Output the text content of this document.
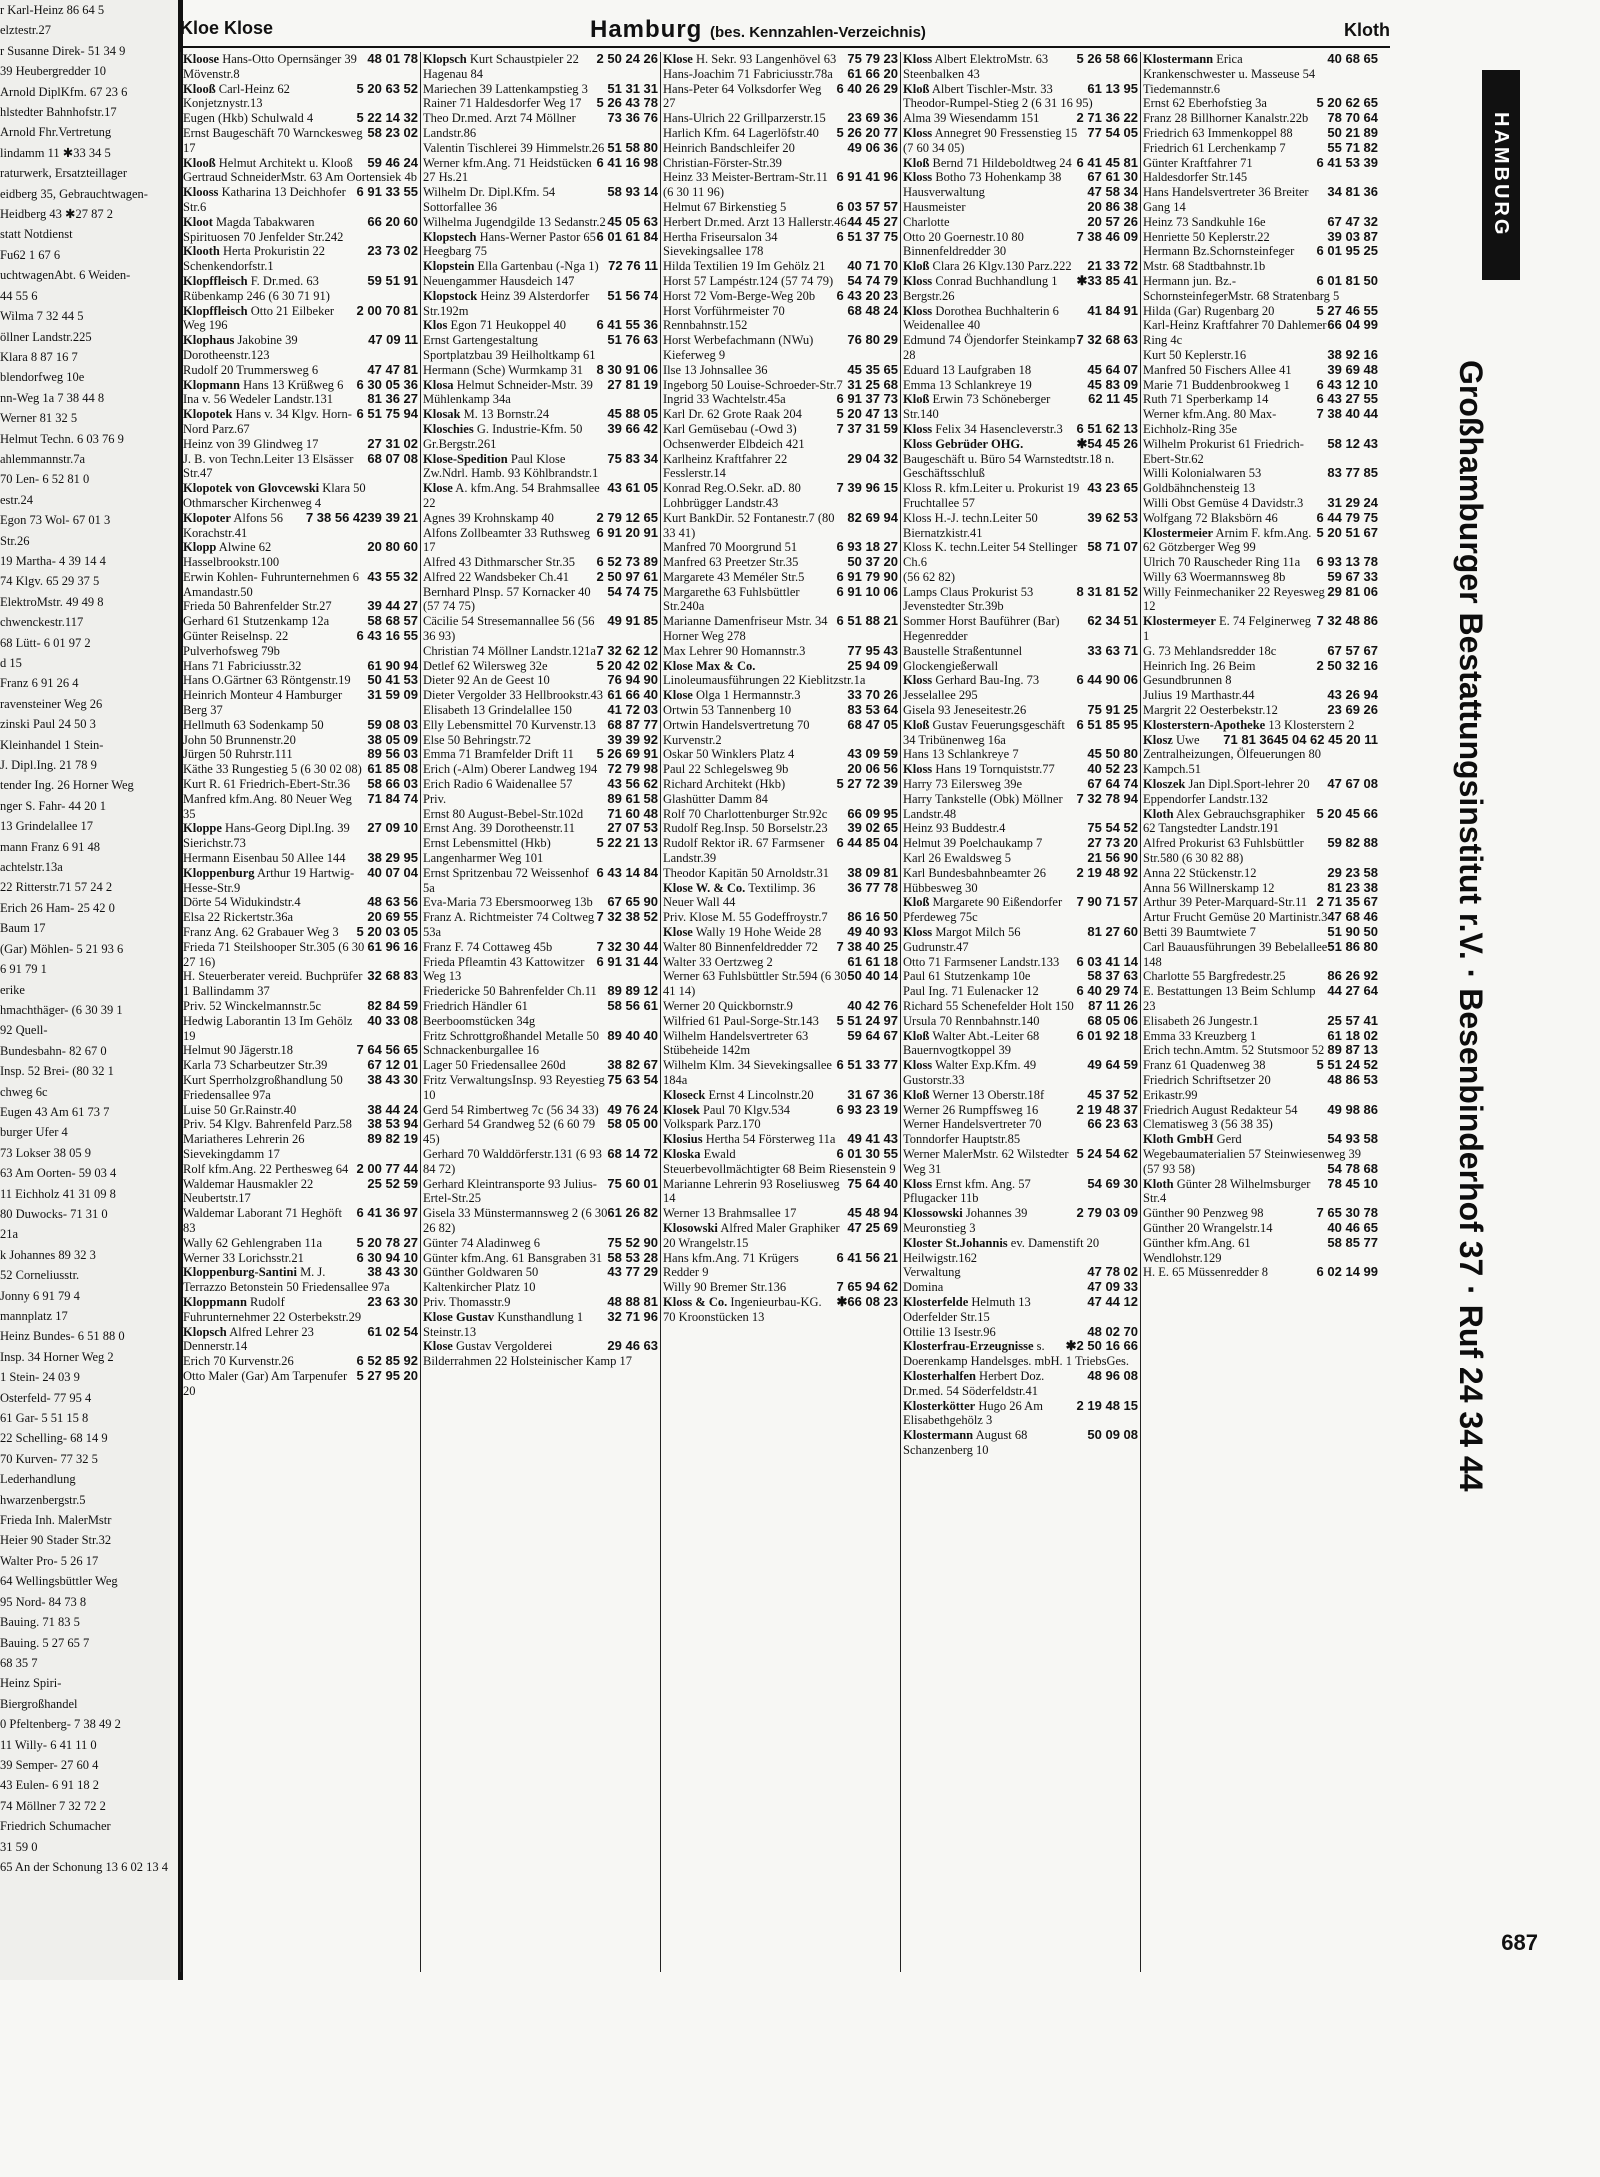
r Karl-Heinz 86 64 5
elztestr.27
r Susanne Direk- 51 34 9
39 Heubergredder 10
Arnold DiplKfm. 67 23 6
hlstedter Bahnhofstr.17
Arnold Fhr.Vertretung
lindamm 11 ✱33 34 5
raturwerk, Ersatzteillager
eidberg 35, Gebrauchtwagen-
Heidberg 43 ✱27 87 2
statt Notdienst
Fu62 1 67 6
uchtwagenAbt. 6 Weiden-
44 55 6
Wilma 7 32 44 5
öllner Landstr.225
Klara 8 87 16 7
blendorfweg 10e
nn-Weg 1a 7 38 44 8
Werner 81 32 5
Helmut Techn. 6 03 76 9
ahlemmannstr.7a
70 Len- 6 52 81 0
estr.24
Egon 73 Wol- 67 01 3
Str.26
19 Martha- 4 39 14 4
74 Klgv. 65 29 37 5
ElektroMstr. 49 49 8
chwenckestr.117
68 Lütt- 6 01 97 2
d 15
Franz 6 91 26 4
ravensteiner Weg 26
zinski Paul 24 50 3
Kleinhandel 1 Stein-
J. Dipl.Ing. 21 78 9
tender Ing. 26 Horner Weg
nger S. Fahr- 44 20 1
13 Grindelallee 17
mann Franz 6 91 48
achtelstr.13a
22 Ritterstr.71 57 24 2
Erich 26 Ham- 25 42 0
Baum 17
(Gar) Möhlen- 5 21 93 6
6 91 79 1
erike
hmachthäger- (6 30 39 1
92 Quell-
Bundesbahn- 82 67 0
Insp. 52 Brei- (80 32 1
chweg 6c
Eugen 43 Am 61 73 7
burger Ufer 4
73 Lokser 38 05 9
63 Am Oorten- 59 03 4
11 Eichholz 41 31 09 8
80 Duwocks- 71 31 0
21a
k Johannes 89 32 3
52 Corneliusstr.
Jonny 6 91 79 4
mannplatz 17
Heinz Bundes- 6 51 88 0
Insp. 34 Horner Weg 2
1 Stein- 24 03 9
Osterfeld- 77 95 4
61 Gar- 5 51 15 8
22 Schelling- 68 14 9
70 Kurven- 77 32 5
Lederhandlung
hwarzenbergstr.5
Frieda Inh. MalerMstr
Heier 90 Stader Str.32
Walter Pro- 5 26 17
64 Wellingsbüttler Weg
95 Nord- 84 73 8
Bauing. 71 83 5
Bauing. 5 27 65 7
68 35 7
Heinz Spiri-
Biergroßhandel
0 Pfeltenberg- 7 38 49 2
11 Willy- 6 41 11 0
39 Semper- 27 60 4
43 Eulen- 6 91 18 2
74 Möllner 7 32 72 2
Friedrich Schumacher
31 59 0
65 An der Schonung 13 6 02 13 4
Kloe Klose	Hamburg (bes. Kennzahlen-Verzeichnis)	Kloth

48 01 78
Kloose Hans-Otto Opernsänger 39 Mövenstr.8

5 20 63 52
Klooß Carl-Heinz 62 Konjetznystr.13

5 22 14 32
Eugen (Hkb) Schulwald 4

58 23 02
Ernst Baugeschäft 70 Warnckesweg 17

59 46 24
Klooß Helmut Architekt u. Klooß Gertraud SchneiderMstr. 63 Am Oortensiek 4b

6 91 33 55
Klooss Katharina 13 Deichhofer Str.6

66 20 60
Kloot Magda Tabakwaren Spirituosen 70 Jenfelder Str.242

23 73 02
Klooth Herta Prokuristin 22 Schenkendorfstr.1

59 51 91
Klopffleisch F. Dr.med. 63 Rübenkamp 246 (6 30 71 91)

2 00 70 81
Klopffleisch Otto 21 Eilbeker Weg 196

47 09 11
Klophaus Jakobine 39 Dorotheenstr.123

47 47 81
Rudolf 20 Trummersweg 6

6 30 05 36
Klopmann Hans 13 Krüßweg 6

81 36 27
Ina v. 56 Wedeler Landstr.131

6 51 75 94
Klopotek Hans v. 34 Klgv. Horn-Nord Parz.67

27 31 02
Heinz von 39 Glindweg 17

68 07 08
J. B. von Techn.Leiter 13 Elsässer Str.47

Klopotek von Glovcewski Klara 50 Othmarscher Kirchenweg 4

39 39 21

7 38 56 42
Klopoter Alfons 56 Korachstr.41

20 80 60
Klopp Alwine 62 Hasselbrookstr.100

43 55 32
Erwin Kohlen- Fuhrunternehmen 6 Amandastr.50

39 44 27
Frieda 50 Bahrenfelder Str.27

58 68 57
Gerhard 61 Stutzenkamp 12a

6 43 16 55
Günter Reiselnsp. 22 Pulverhofsweg 79b

61 90 94
Hans 71 Fabriciusstr.32

50 41 53
Hans O.Gärtner 63 Röntgenstr.19

31 59 09
Heinrich Monteur 4 Hamburger Berg 37

59 08 03
Hellmuth 63 Sodenkamp 50

38 05 09
John 50 Brunnenstr.20

89 56 03
Jürgen 50 Ruhrstr.111

61 85 08
Käthe 33 Rungestieg 5 (6 30 02 08)

58 66 03
Kurt R. 61 Friedrich-Ebert-Str.36

71 84 74
Manfred kfm.Ang. 80 Neuer Weg 35

27 09 10
Kloppe Hans-Georg Dipl.Ing. 39 Sierichstr.73

38 29 95
Hermann Eisenbau 50 Allee 144

40 07 04
Kloppenburg Arthur 19 Hartwig-Hesse-Str.9

48 63 56
Dörte 54 Widukindstr.4

20 69 55
Elsa 22 Rickertstr.36a

5 20 03 05
Franz Ang. 62 Grabauer Weg 3

61 96 16
Frieda 71 Steilshooper Str.305 (6 30 27 16)

32 68 83
H. Steuerberater vereid. Buchprüfer 1 Ballindamm 37

82 84 59
Priv. 52 Winckelmannstr.5c

40 33 08
Hedwig Laborantin 13 Im Gehölz 19

7 64 56 65
Helmut 90 Jägerstr.18

67 12 01
Karla 73 Scharbeutzer Str.39

38 43 30
Kurt Sperrholzgroßhandlung 50 Friedensallee 97a

38 44 24
Luise 50 Gr.Rainstr.40

38 53 94
Priv. 54 Klgv. Bahrenfeld Parz.58

89 82 19
Mariatheres Lehrerin 26 Sievekingdamm 17

2 00 77 44
Rolf kfm.Ang. 22 Perthesweg 64

25 52 59
Waldemar Hausmakler 22 Neubertstr.17

6 41 36 97
Waldemar Laborant 71 Heghöft 83

5 20 78 27
Wally 62 Gehlengraben 11a

6 30 94 10
Werner 33 Lorichsstr.21

38 43 30
Kloppenburg-Santini M. J. Terrazzo Betonstein 50 Friedensallee 97a

23 63 30
Kloppmann Rudolf Fuhrunternehmer 22 Osterbekstr.29

61 02 54
Klopsch Alfred Lehrer 23 Dennerstr.14

6 52 85 92
Erich 70 Kurvenstr.26

5 27 95 20
Otto Maler (Gar) Am Tarpenufer 20

2 50 24 26
Klopsch Kurt Schaustpieler 22 Hagenau 84

51 31 31
Mariechen 39 Lattenkampstieg 3

5 26 43 78
Rainer 71 Haldesdorfer Weg 17

73 36 76
Theo Dr.med. Arzt 74 Möllner Landstr.86

51 58 80
Valentin Tischlerei 39 Himmelstr.26

6 41 16 98
Werner kfm.Ang. 71 Heidstücken 27 Hs.21

58 93 14
Wilhelm Dr. Dipl.Kfm. 54 Sottorfallee 36

45 05 63
Wilhelma Jugendgilde 13 Sedanstr.2

6 01 61 84
Klopstech Hans-Werner Pastor 65 Heegbarg 75

72 76 11
Klopstein Ella Gartenbau (-Nga 1) Neuengammer Hausdeich 147

51 56 74
Klopstock Heinz 39 Alsterdorfer Str.192m

6 41 55 36
Klos Egon 71 Heukoppel 40

51 76 63
Ernst Gartengestaltung Sportplatzbau 39 Heilholtkamp 61

8 30 91 06
Hermann (Sche) Wurmkamp 31

27 81 19
Klosa Helmut Schneider-Mstr. 39 Mühlenkamp 34a

45 88 05
Klosak M. 13 Bornstr.24

39 66 42
Kloschies G. Industrie-Kfm. 50 Gr.Bergstr.261

75 83 34
Klose-Spedition Paul Klose Zw.Ndrl. Hamb. 93 Köhlbrandstr.1

43 61 05
Klose A. kfm.Ang. 54 Brahmsallee 22

2 79 12 65
Agnes 39 Krohnskamp 40

6 91 20 91
Alfons Zollbeamter 33 Ruthsweg 17

6 52 73 89
Alfred 43 Dithmarscher Str.35

2 50 97 61
Alfred 22 Wandsbeker Ch.41

54 74 75
Bernhard Plnsp. 57 Kornacker 40 (57 74 75)

49 91 85
Cäcilie 54 Stresemannallee 56 (56 36 93)

7 32 62 12
Christian 74 Möllner Landstr.121a

5 20 42 02
Detlef 62 Wilersweg 32e

76 94 90
Dieter 92 An de Geest 10

61 66 40
Dieter Vergolder 33 Hellbrookstr.43

41 72 03
Elisabeth 13 Grindelallee 150

68 87 77
Elly Lebensmittel 70 Kurvenstr.13

39 39 92
Else 50 Behringstr.72

5 26 69 91
Emma 71 Bramfelder Drift 11

72 79 98
Erich (-Alm) Oberer Landweg 194

43 56 62
Erich Radio 6 Waidenallee 57

89 61 58
Priv.

71 60 48
Ernst 80 August-Bebel-Str.102d

27 07 53
Ernst Ang. 39 Dorotheenstr.11

5 22 21 13
Ernst Lebensmittel (Hkb) Langenharmer Weg 101

6 43 14 84
Ernst Spritzenbau 72 Weissenhof 5a

67 65 90
Eva-Maria 73 Ebersmoorweg 13b

7 32 38 52
Franz A. Richtmeister 74 Coltweg 53a

7 32 30 44
Franz F. 74 Cottaweg 45b

6 91 31 44
Frieda Pfleamtin 43 Kattowitzer Weg 13

89 89 12
Friedericke 50 Bahrenfelder Ch.11

58 56 61
Friedrich Händler 61 Beerboomstücken 34g

89 40 40
Fritz Schrottgroßhandel Metalle 50 Schnackenburgallee 16

38 82 67
Lager 50 Friedensallee 260d

75 63 54
Fritz VerwaltungsInsp. 93 Reyestieg 10

49 76 24
Gerd 54 Rimbertweg 7c (56 34 33)

58 05 00
Gerhard 54 Grandweg 52 (6 60 79 45)

68 14 72
Gerhard 70 Walddörferstr.131 (6 93 84 72)

75 60 01
Gerhard Kleintransporte 93 Julius-Ertel-Str.25

61 26 82
Gisela 33 Münstermannsweg 2 (6 30 26 82)

75 52 90
Günter 74 Aladinweg 6

58 53 28
Günter kfm.Ang. 61 Bansgraben 31

43 77 29
Günther Goldwaren 50 Kaltenkircher Platz 10

48 88 81
Priv. Thomasstr.9

32 71 96
Klose Gustav Kunsthandlung 1 Steinstr.13

29 46 63
Klose Gustav Vergolderei Bilderrahmen 22 Holsteinischer Kamp 17

75 79 23
Klose H. Sekr. 93 Langenhövel 63

61 66 20
Hans-Joachim 71 Fabriciusstr.78a

6 40 26 29
Hans-Peter 64 Volksdorfer Weg 27

23 69 36
Hans-Ulrich 22 Grillparzerstr.15

5 26 20 77
Harlich Kfm. 64 Lagerlöfstr.40

49 06 36
Heinrich Bandschleifer 20 Christian-Förster-Str.39

6 91 41 96
Heinz 33 Meister-Bertram-Str.11 (6 30 11 96)

6 03 57 57
Helmut 67 Birkenstieg 5

44 45 27
Herbert Dr.med. Arzt 13 Hallerstr.46

6 51 37 75
Hertha Friseursalon 34 Sievekingsallee 178

40 71 70
Hilda Textilien 19 Im Gehölz 21

54 74 79
Horst 57 Lampéstr.124 (57 74 79)

6 43 20 23
Horst 72 Vom-Berge-Weg 20b

68 48 24
Horst Vorführmeister 70 Rennbahnstr.152

76 80 29
Horst Werbefachmann (NWu) Kieferweg 9

45 35 65
Ilse 13 Johnsallee 36

31 25 68
Ingeborg 50 Louise-Schroeder-Str.7

6 91 37 73
Ingrid 33 Wachtelstr.45a

5 20 47 13
Karl Dr. 62 Grote Raak 204

7 37 31 59
Karl Gemüsebau (-Owd 3) Ochsenwerder Elbdeich 421

29 04 32
Karlheinz Kraftfahrer 22 Fesslerstr.14

7 39 96 15
Konrad Reg.O.Sekr. aD. 80 Lohbrügger Landstr.43

82 69 94
Kurt BankDir. 52 Fontanestr.7 (80 33 41)

6 93 18 27
Manfred 70 Moorgrund 51

50 37 20
Manfred 63 Preetzer Str.35

6 91 79 90
Margarete 43 Meméler Str.5

6 91 10 06
Margarethe 63 Fuhlsbüttler Str.240a

6 51 88 21
Marianne Damenfriseur Mstr. 34 Horner Weg 278

77 95 43
Max Lehrer 90 Homannstr.3

25 94 09
Klose Max & Co. Linoleumausführungen 22 Kieblitzstr.1a

33 70 26
Klose Olga 1 Hermannstr.3

83 53 64
Ortwin 53 Tannenberg 10

68 47 05
Ortwin Handelsvertretung 70 Kurvenstr.2

43 09 59
Oskar 50 Winklers Platz 4

20 06 56
Paul 22 Schlegelsweg 9b

5 27 72 39
Richard Architekt (Hkb) Glashütter Damm 84

66 09 95
Rolf 70 Charlottenburger Str.92c

39 02 65
Rudolf Reg.Insp. 50 Borselstr.23

6 44 85 04
Rudolf Rektor iR. 67 Farmsener Landstr.39

38 09 81
Theodor Kapitän 50 Arnoldstr.31

36 77 78
Klose W. & Co. Textilimp. 36 Neuer Wall 44

86 16 50
Priv. Klose M. 55 Godeffroystr.7

49 40 93
Klose Wally 19 Hohe Weide 28

7 38 40 25
Walter 80 Binnenfeldredder 72

61 61 18
Walter 33 Oertzweg 2

50 40 14
Werner 63 Fuhlsbüttler Str.594 (6 30 41 14)

40 42 76
Werner 20 Quickbornstr.9

5 51 24 97
Wilfried 61 Paul-Sorge-Str.143

59 64 67
Wilhelm Handelsvertreter 63 Stübeheide 142m

6 51 33 77
Wilhelm Klm. 34 Sievekingsallee 184a

31 67 36
Kloseck Ernst 4 Lincolnstr.20

6 93 23 19
Klosek Paul 70 Klgv.534 Volkspark Parz.170

49 41 43
Klosius Hertha 54 Försterweg 11a

6 01 30 55
Kloska Ewald Steuerbevollmächtigter 68 Beim Riesenstein 9

75 64 40
Marianne Lehrerin 93 Roseliusweg 14

45 48 94
Werner 13 Brahmsallee 17

47 25 69
Klosowski Alfred Maler Graphiker 20 Wrangelstr.15

6 41 56 21
Hans kfm.Ang. 71 Krügers Redder 9

7 65 94 62
Willy 90 Bremer Str.136

✱66 08 23
Kloss & Co. Ingenieurbau-KG. 70 Kroonstücken 13

5 26 58 66
Kloss Albert ElektroMstr. 63 Steenbalken 43

61 13 95
Kloß Albert Tischler-Mstr. 33 Theodor-Rumpel-Stieg 2 (6 31 16 95)

2 71 36 22
Alma 39 Wiesendamm 151

77 54 05
Kloss Annegret 90 Fressenstieg 15 (7 60 34 05)

6 41 45 81
Kloß Bernd 71 Hildeboldtweg 24

67 61 30
Kloss Botho 73 Hohenkamp 38

47 58 34
Hausverwaltung

20 86 38
Hausmeister

20 57 26
Charlotte

7 38 46 09
Otto 20 Goernestr.10 80 Binnenfeldredder 30

21 33 72
Kloß Clara 26 Klgv.130 Parz.222

✱33 85 41
Kloss Conrad Buchhandlung 1 Bergstr.26

41 84 91
Kloss Dorothea Buchhalterin 6 Weidenallee 40

7 32 68 63
Edmund 74 Öjendorfer Steinkamp 28

45 64 07
Eduard 13 Laufgraben 18

45 83 09
Emma 13 Schlankreye 19

62 11 45
Kloß Erwin 73 Schöneberger Str.140

6 51 62 13
Kloss Felix 34 Hasencleverstr.3

✱54 45 26
Kloss Gebrüder OHG. Baugeschäft u. Büro 54 Warnstedtstr.18 n. Geschäftsschluß

43 23 65
Kloss R. kfm.Leiter u. Prokurist 19 Fruchtallee 57

39 62 53
Kloss H.-J. techn.Leiter 50 Biernatzkistr.41

58 71 07
Kloss K. techn.Leiter 54 Stellinger Ch.6

(56 62 82)

8 31 81 52
Lamps Claus Prokurist 53 Jevenstedter Str.39b

62 34 51
Sommer Horst Bauführer (Bar) Hegenredder

33 63 71
Baustelle Straßentunnel Glockengießerwall

6 44 90 06
Kloss Gerhard Bau-Ing. 73 Jesselallee 295

75 91 25
Gisela 93 Jeneseitestr.26

6 51 85 95
Kloß Gustav Feuerungsgeschäft 34 Tribünenweg 16a

45 50 80
Hans 13 Schlankreye 7

40 52 23
Kloss Hans 19 Tornquiststr.77

67 64 74
Harry 73 Eilersweg 39e

7 32 78 94
Harry Tankstelle (Obk) Möllner Landstr.48

75 54 52
Heinz 93 Buddestr.4

27 73 20
Helmut 39 Poelchaukamp 7

21 56 90
Karl 26 Ewaldsweg 5

2 19 48 92
Karl Bundesbahnbeamter 26 Hübbesweg 30

7 90 71 57
Kloß Margarete 90 Eißendorfer Pferdeweg 75c

81 27 60
Kloss Margot Milch 56 Gudrunstr.47

6 03 41 14
Otto 71 Farmsener Landstr.133

58 37 63
Paul 61 Stutzenkamp 10e

6 40 29 74
Paul Ing. 71 Eulenacker 12

87 11 26
Richard 55 Schenefelder Holt 150

68 05 06
Ursula 70 Rennbahnstr.140

6 01 92 18
Kloß Walter Abt.-Leiter 68 Bauernvogtkoppel 39

49 64 59
Kloss Walter Exp.Kfm. 49 Gustorstr.33

45 37 52
Kloß Werner 13 Oberstr.18f

2 19 48 37
Werner 26 Rumpffsweg 16

66 23 63
Werner Handelsvertreter 70 Tonndorfer Hauptstr.85

5 24 54 62
Werner MalerMstr. 62 Wilstedter Weg 31

54 69 30
Kloss Ernst kfm. Ang. 57 Pflugacker 11b

2 79 03 09
Klossowski Johannes 39 Meuronstieg 3

Kloster St.Johannis ev. Damenstift 20 Heilwigstr.162

47 78 02
Verwaltung

47 09 33
Domina

47 44 12
Klosterfelde Helmuth 13 Oderfelder Str.15

48 02 70
Ottilie 13 Isestr.96

✱2 50 16 66
Klosterfrau-Erzeugnisse s. Doerenkamp Handelsges. mbH. 1 TriebsGes.

48 96 08
Klosterhalfen Herbert Doz. Dr.med. 54 Söderfeldstr.41

2 19 48 15
Klosterkötter Hugo 26 Am Elisabethgehölz 3

50 09 08
Klostermann August 68 Schanzenberg 10

40 68 65
Klostermann Erica Krankenschwester u. Masseuse 54 Tiedemannstr.6

5 20 62 65
Ernst 62 Eberhofstieg 3a

78 70 64
Franz 28 Billhorner Kanalstr.22b

50 21 89
Friedrich 63 Immenkoppel 88

55 71 82
Friedrich 61 Lerchenkamp 7

6 41 53 39
Günter Kraftfahrer 71 Haldesdorfer Str.145

34 81 36
Hans Handelsvertreter 36 Breiter Gang 14

67 47 32
Heinz 73 Sandkuhle 16e

39 03 87
Henriette 50 Keplerstr.22

6 01 95 25
Hermann Bz.Schornsteinfeger Mstr. 68 Stadtbahnstr.1b

6 01 81 50
Hermann jun. Bz.-SchornsteinfegerMstr. 68 Stratenbarg 5

5 27 46 55
Hilda (Gar) Rugenbarg 20

66 04 99
Karl-Heinz Kraftfahrer 70 Dahlemer Ring 4c

38 92 16
Kurt 50 Keplerstr.16

39 69 48
Manfred 50 Fischers Allee 41

6 43 12 10
Marie 71 Buddenbrookweg 1

6 43 27 55
Ruth 71 Sperberkamp 14

7 38 40 44
Werner kfm.Ang. 80 Max-Eichholz-Ring 35e

58 12 43
Wilhelm Prokurist 61 Friedrich-Ebert-Str.62

83 77 85
Willi Kolonialwaren 53 Goldbähnchensteig 13

31 29 24
Willi Obst Gemüse 4 Davidstr.3

6 44 79 75
Wolfgang 72 Blaksbörn 46

5 20 51 67
Klostermeier Arnim F. kfm.Ang. 62 Götzberger Weg 99

6 93 13 78
Ulrich 70 Rauscheder Ring 11a

59 67 33
Willy 63 Woermannsweg 8b

29 81 06
Willy Feinmechaniker 22 Reyesweg 12

7 32 48 86
Klostermeyer E. 74 Felginerweg 1

67 57 67
G. 73 Mehlandsredder 18c

2 50 32 16
Heinrich Ing. 26 Beim Gesundbrunnen 8

43 26 94
Julius 19 Marthastr.44

23 69 26
Margrit 22 Oesterbekstr.12

Klosterstern-Apotheke 13 Klosterstern 2

45 04 62 45 20 11

71 81 36
Klosz Uwe Zentralheizungen, Ölfeuerungen 80 Kampch.51

47 67 08
Kloszek Jan Dipl.Sport-lehrer 20 Eppendorfer Landstr.132

5 20 45 66
Kloth Alex Gebrauchsgraphiker 62 Tangstedter Landstr.191

59 82 88
Alfred Prokurist 63 Fuhlsbüttler Str.580 (6 30 82 88)

29 23 58
Anna 22 Stückenstr.12

81 23 38
Anna 56 Willnerskamp 12

2 71 35 67
Arthur 39 Peter-Marquard-Str.11

47 68 46
Artur Frucht Gemüse 20 Martinistr.3

51 90 50
Betti 39 Baumtwiete 7

51 86 80
Carl Bauausführungen 39 Bebelallee 148

86 26 92
Charlotte 55 Bargfredestr.25

44 27 64
E. Bestattungen 13 Beim Schlump 23

25 57 41
Elisabeth 26 Jungestr.1

61 18 02
Emma 33 Kreuzberg 1

89 87 13
Erich techn.Amtm. 52 Stutsmoor 52

5 51 24 52
Franz 61 Quadenweg 38

48 86 53
Friedrich Schriftsetzer 20 Erikastr.99

49 98 86
Friedrich August Redakteur 54 Clematisweg 3 (56 38 35)

54 93 58
Kloth GmbH Gerd Wegebaumaterialien 57 Steinwiesenweg 39

54 78 68
(57 93 58)

78 45 10
Kloth Günter 28 Wilhelmsburger Str.4

7 65 30 78
Günther 90 Penzweg 98

40 46 65
Günther 20 Wrangelstr.14

58 85 77
Günther kfm.Ang. 61 Wendlohstr.129

6 02 14 99
H. E. 65 Müssenredder 8

HAMBURG
Großhamburger Bestattungsinstitut r.V. · Besenbinderhof 37 · Ruf 24 34 44
687
